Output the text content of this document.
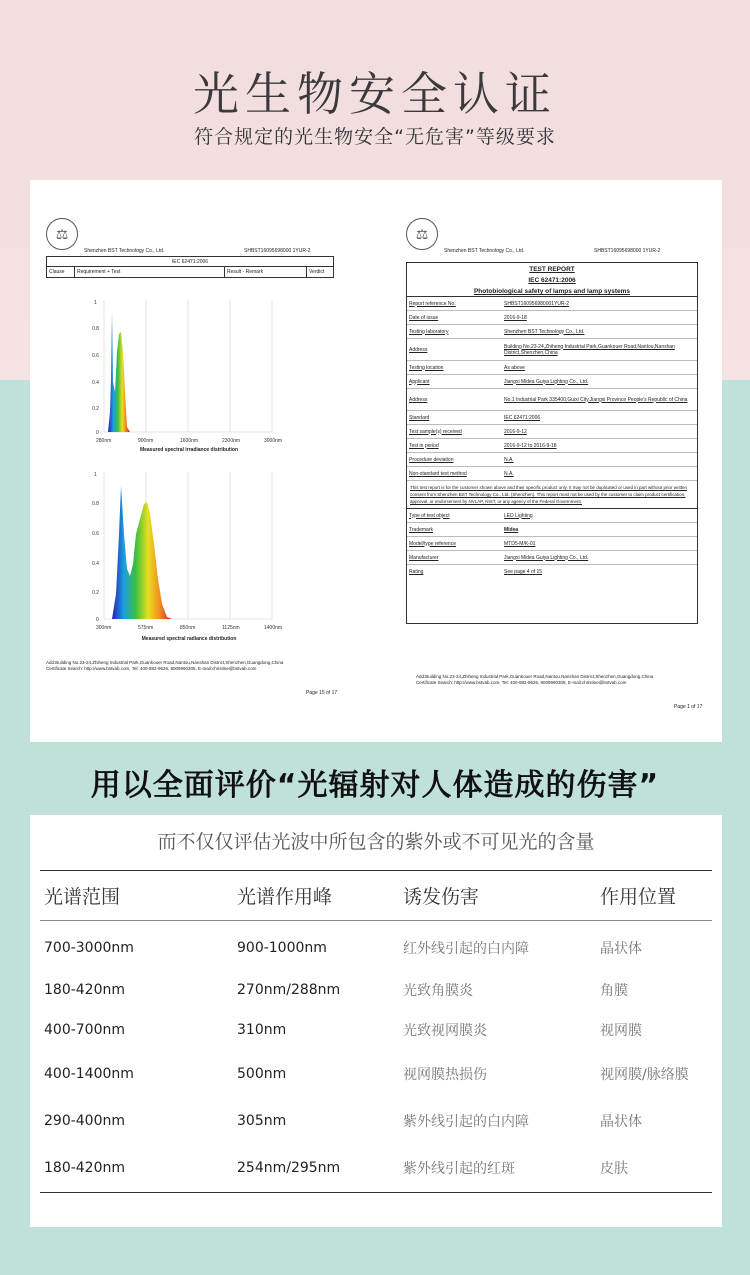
光生物安全认证
符合规定的光生物安全“无危害”等级要求
⚖
Shenzhen BST Technology Co., Ltd.	SHBST16095698000 1YUR-2
IEC 62471:2006
Clause	Requirement + Test	Result - Remark	Verdict
1
0.8
0.6
0.4
0.2
0
280nm	900nm	1600nm	2300nm	3000nm
Measured spectral irradiance distribution
1
0.8
0.6
0.4
0.2
0
300nm	575nm	850nm	1125nm	1400nm
Measured spectral radiance distribution
Add:Building No.23-24,Zhiheng Industrial Park,Guankouer Road,Nantou,Nanshan District,Shenzhen,Guangdong,China
Certificate Search: http://www.bstvab.com, Tel: 400-882-9626, 8009990305, E-mail:christine@bstvab.com
Page 15 of 17
⚖
Shenzhen BST Technology Co., Ltd.	SHBST16095698000 1YUR-2
TEST REPORT
IEC 62471:2006
Photobiological safety of lamps and lamp systems
Report reference No.	SHBST160956980001YUR-2
Date of issue	2016-9-18
Testing laboratory	Shenzhen BST Technology Co., Ltd.
Address	Building No.23-24,Zhiheng Industrial Park,Guankouer Road,Nantou,Nanshan District,Shenzhen,China
Testing location	As above
Applicant	Jiangxi Midea Guiya Lighting Co., Ltd.
Address	No.1 Industrial Park 335400,Guixi City,Jiangxi Province People's Republic of China
Standard	IEC 62471:2006
Test sample(s) received	2016-9-12
Test in period	2016-9-12 to 2016-9-18
Procedure deviation	N.A.
Non-standard test method	N.A.
This test report is for the customer shown above and their specific product only. It may not be duplicated or used in part without prior written consent from Shenzhen BST Technology Co., Ltd. (Shenzhen). This report must not be used by the customer to claim product certification, approval, or endorsement by NVLAP, NIST, or any agency of the Federal Government.
Type of test object	LED Lighting
Trademark	Midea
Model/type reference	MTD5-M/K-01
Manufacturer	Jiangxi Midea Guiya Lighting Co., Ltd.
Rating	See page 4 of 15
Add:Building No.23-24,Zhiheng Industrial Park,Guankouer Road,Nantou,Nanshan District,Shenzhen,Guangdong,China
Certificate Search: http://www.bstvab.com, Tel: 400-882-9626, 8009990305, E-mail:christine@bstvab.com
Page 1 of 17
用以全面评价“光辐射对人体造成的伤害”
而不仅仅评估光波中所包含的紫外或不可见光的含量
光谱范围	光谱作用峰	诱发伤害	作用位置
700-3000nm	900-1000nm	红外线引起的白内障	晶状体
180-420nm	270nm/288nm	光致角膜炎	角膜
400-700nm	310nm	光致视网膜炎	视网膜
400-1400nm	500nm	视网膜热损伤	视网膜/脉络膜
290-400nm	305nm	紫外线引起的白内障	晶状体
180-420nm	254nm/295nm	紫外线引起的红斑	皮肤
